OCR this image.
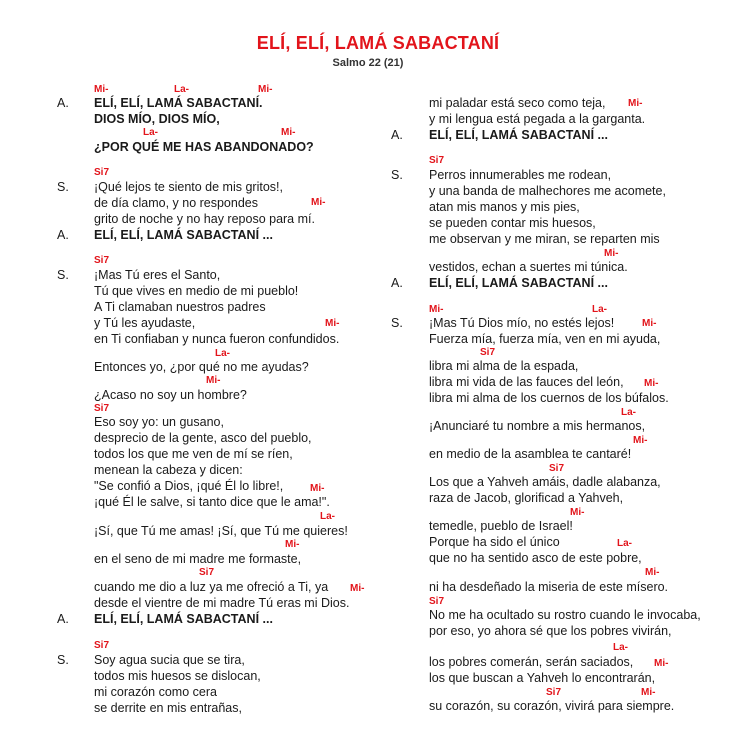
ELÍ, ELÍ, LAMÁ SABACTANÍ
Salmo 22 (21)
A.
S.
A.
S.
A.
S.
Mi-	La-	Mi-
La-	Mi-
Si7
Mi-
Si7
Mi-
La-
Mi-
Si7
Mi-
La-
Mi-
Si7
Mi-
Si7
ELÍ, ELÍ, LAMÁ SABACTANÍ.
DIOS MÍO, DIOS MÍO,
¿POR QUÉ ME HAS ABANDONADO?
¡Qué lejos te siento de mis gritos!,
de día clamo, y no respondes
grito de noche y no hay reposo para mí.
ELÍ, ELÍ, LAMÁ SABACTANÍ ...
¡Mas Tú eres el Santo,
Tú que vives en medio de mi pueblo!
A Ti clamaban nuestros padres
y Tú les ayudaste,
en Ti confiaban y nunca fueron confundidos.
Entonces yo, ¿por qué no me ayudas?
¿Acaso no soy un hombre?
Eso soy yo: un gusano,
desprecio de la gente, asco del pueblo,
todos los que me ven de mí se ríen,
menean la cabeza y dicen:
"Se confió a Dios, ¡qué Él lo libre!,
¡qué Él le salve, si tanto dice que le ama!".
¡Sí, que Tú me amas! ¡Sí, que Tú me quieres!
en el seno de mi madre me formaste,
cuando me dio a luz ya me ofreció a Ti, ya
desde el vientre de mi madre Tú eras mi Dios.
ELÍ, ELÍ, LAMÁ SABACTANÍ ...
Soy agua sucia que se tira,
todos mis huesos se dislocan,
mi corazón como cera
se derrite en mis entrañas,
A.
S.
A.
S.
Mi-
Si7
Mi-
Mi-	La-
Mi-
Si7
Mi-
La-
Mi-
Si7
Mi-
La-
Mi-
Si7
La-
Mi-
Si7	Mi-
mi paladar está seco como teja,
y mi lengua está pegada a la garganta.
ELÍ, ELÍ, LAMÁ SABACTANÍ ...
Perros innumerables me rodean,
y una banda de malhechores me acomete,
atan mis manos y mis pies,
se pueden contar mis huesos,
me observan y me miran, se reparten mis
vestidos, echan a suertes mi túnica.
ELÍ, ELÍ, LAMÁ SABACTANÍ ...
¡Mas Tú Dios mío, no estés lejos!
Fuerza mía, fuerza mía, ven en mi ayuda,
libra mi alma de la espada,
libra mi vida de las fauces del león,
libra mi alma de los cuernos de los búfalos.
¡Anunciaré tu nombre a mis hermanos,
en medio de la asamblea te cantaré!
Los que a Yahveh amáis, dadle alabanza,
raza de Jacob, glorificad a Yahveh,
temedle, pueblo de Israel!
Porque ha sido el único
que no ha sentido asco de este pobre,
ni ha desdeñado la miseria de este mísero.
No me ha ocultado su rostro cuando le invocaba,
por eso, yo ahora sé que los pobres vivirán,
los pobres comerán, serán saciados,
los que buscan a Yahveh lo encontrarán,
su corazón, su corazón, vivirá para siempre.
